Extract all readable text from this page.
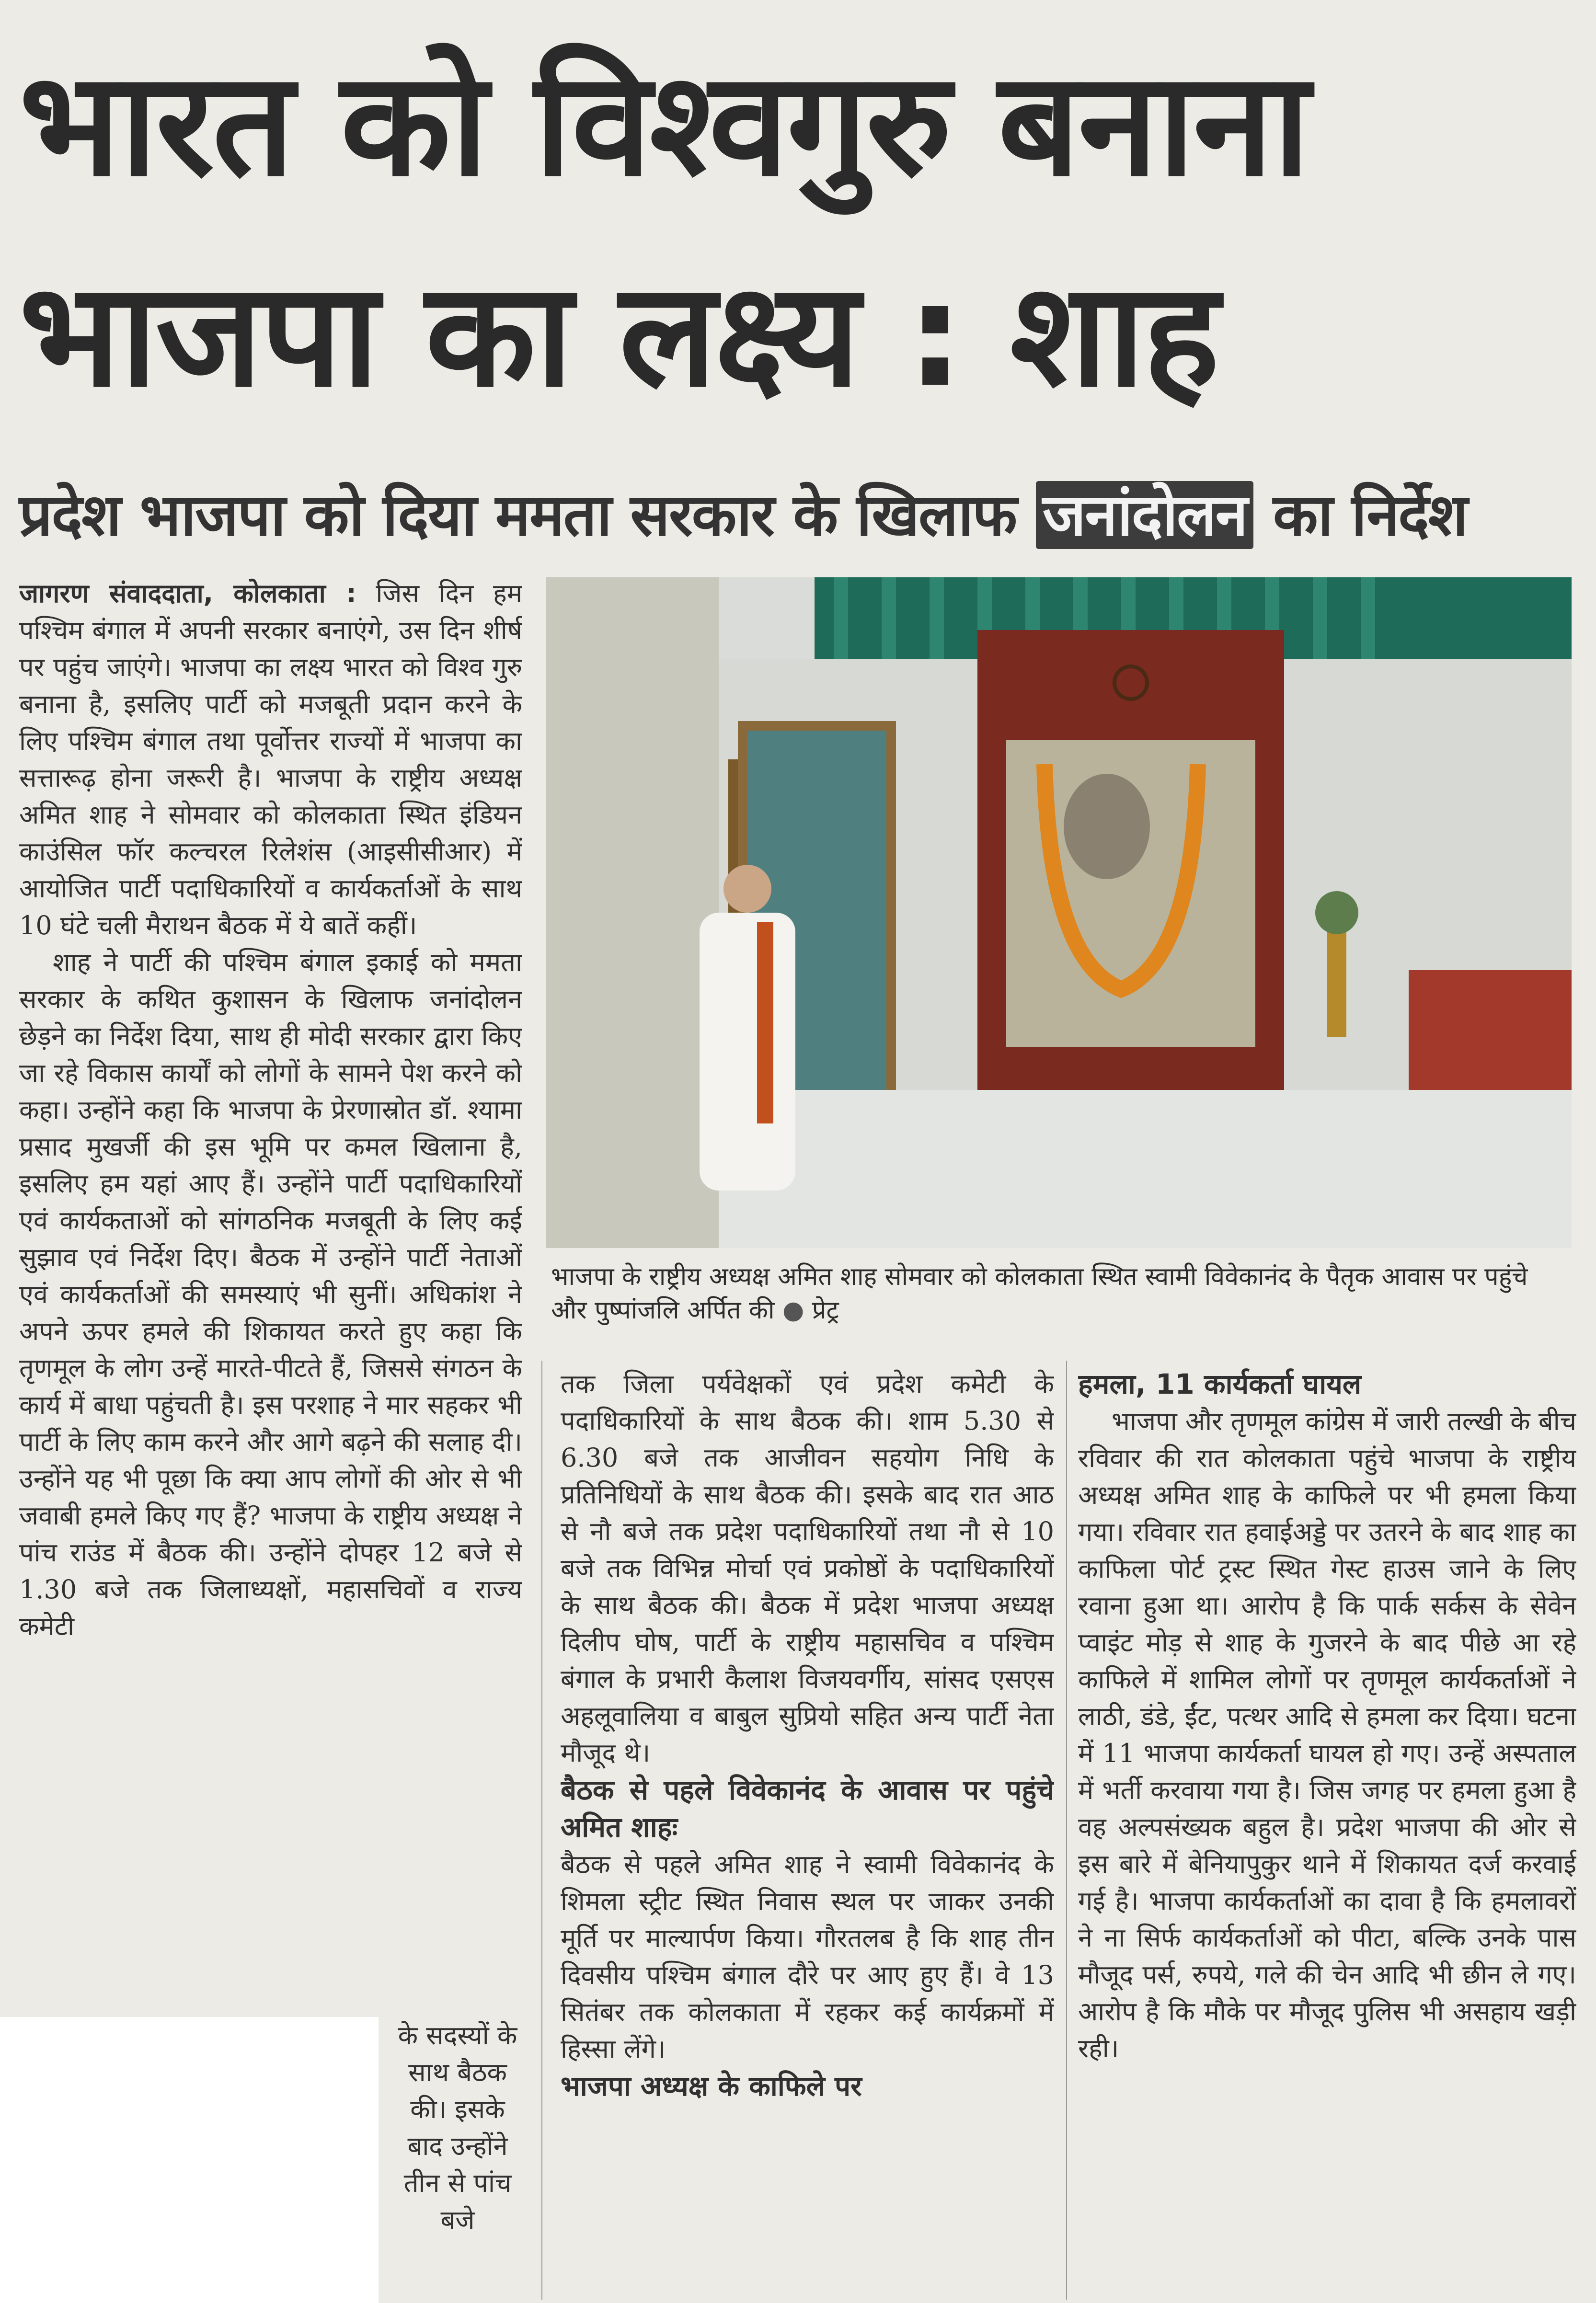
भारत को विश्वगुरु बनाना
भाजपा का लक्ष्य : शाह
प्रदेश भाजपा को दिया ममता सरकार के खिलाफ जनांदोलन का निर्देश

जागरण संवाददाता, कोलकाता : जिस दिन हम पश्चिम बंगाल में अपनी सरकार बनाएंगे, उस दिन शीर्ष पर पहुंच जाएंगे। भाजपा का लक्ष्य भारत को विश्व गुरु बनाना है, इसलिए पार्टी को मजबूती प्रदान करने के लिए पश्चिम बंगाल तथा पूर्वोत्तर राज्यों में भाजपा का सत्तारूढ़ होना जरूरी है। भाजपा के राष्ट्रीय अध्यक्ष अमित शाह ने सोमवार को कोलकाता स्थित इंडियन काउंसिल फॉर कल्चरल रिलेशंस (आइसीसीआर) में आयोजित पार्टी पदाधिकारियों व कार्यकर्ताओं के साथ 10 घंटे चली मैराथन बैठक में ये बातें कहीं।

शाह ने पार्टी की पश्चिम बंगाल इकाई को ममता सरकार के कथित कुशासन के खिलाफ जनांदोलन छेड़ने का निर्देश दिया, साथ ही मोदी सरकार द्वारा किए जा रहे विकास कार्यों को लोगों के सामने पेश करने को कहा। उन्होंने कहा कि भाजपा के प्रेरणास्रोत डॉ. श्यामा प्रसाद मुखर्जी की इस भूमि पर कमल खिलाना है, इसलिए हम यहां आए हैं। उन्होंने पार्टी पदाधिकारियों एवं कार्यकताओं को सांगठनिक मजबूती के लिए कई सुझाव एवं निर्देश दिए। बैठक में उन्होंने पार्टी नेताओं एवं कार्यकर्ताओं की समस्याएं भी सुनीं। अधिकांश ने अपने ऊपर हमले की शिकायत करते हुए कहा कि तृणमूल के लोग उन्हें मारते-पीटते हैं, जिससे संगठन के कार्य में बाधा पहुंचती है। इस परशाह ने मार सहकर भी पार्टी के लिए काम करने और आगे बढ़ने की सलाह दी। उन्होंने यह भी पूछा कि क्या आप लोगों की ओर से भी जवाबी हमले किए गए हैं? भाजपा के राष्ट्रीय अध्यक्ष ने पांच राउंड में बैठक की। उन्होंने दोपहर 12 बजे से 1.30 बजे तक जिलाध्यक्षों, महासचिवों व राज्य कमेटी

के सदस्यों के साथ बैठक की। इसके बाद उन्होंने तीन से पांच बजे

भाजपा के राष्ट्रीय अध्यक्ष अमित शाह सोमवार को कोलकाता स्थित स्वामी विवेकानंद के पैतृक आवास पर पहुंचे और पुष्पांजलि अर्पित की ● प्रेट्र

तक जिला पर्यवेक्षकों एवं प्रदेश कमेटी के पदाधिकारियों के साथ बैठक की। शाम 5.30 से 6.30 बजे तक आजीवन सहयोग निधि के प्रतिनिधियों के साथ बैठक की। इसके बाद रात आठ से नौ बजे तक प्रदेश पदाधिकारियों तथा नौ से 10 बजे तक विभिन्न मोर्चा एवं प्रकोष्ठों के पदाधिकारियों के साथ बैठक की। बैठक में प्रदेश भाजपा अध्यक्ष दिलीप घोष, पार्टी के राष्ट्रीय महासचिव व पश्चिम बंगाल के प्रभारी कैलाश विजयवर्गीय, सांसद एसएस अहलूवालिया व बाबुल सुप्रियो सहित अन्य पार्टी नेता मौजूद थे।

बैठक से पहले विवेकानंद के आवास पर पहुंचे अमित शाहः

बैठक से पहले अमित शाह ने स्वामी विवेकानंद के शिमला स्ट्रीट स्थित निवास स्थल पर जाकर उनकी मूर्ति पर माल्यार्पण किया। गौरतलब है कि शाह तीन दिवसीय पश्चिम बंगाल दौरे पर आए हुए हैं। वे 13 सितंबर तक कोलकाता में रहकर कई कार्यक्रमों में हिस्सा लेंगे।

भाजपा अध्यक्ष के काफिले पर

हमला, 11 कार्यकर्ता घायल

भाजपा और तृणमूल कांग्रेस में जारी तल्खी के बीच रविवार की रात कोलकाता पहुंचे भाजपा के राष्ट्रीय अध्यक्ष अमित शाह के काफिले पर भी हमला किया गया। रविवार रात हवाईअड्डे पर उतरने के बाद शाह का काफिला पोर्ट ट्रस्ट स्थित गेस्ट हाउस जाने के लिए रवाना हुआ था। आरोप है कि पार्क सर्कस के सेवेन प्वाइंट मोड़ से शाह के गुजरने के बाद पीछे आ रहे काफिले में शामिल लोगों पर तृणमूल कार्यकर्ताओं ने लाठी, डंडे, ईंट, पत्थर आदि से हमला कर दिया। घटना में 11 भाजपा कार्यकर्ता घायल हो गए। उन्हें अस्पताल में भर्ती करवाया गया है। जिस जगह पर हमला हुआ है वह अल्पसंख्यक बहुल है। प्रदेश भाजपा की ओर से इस बारे में बेनियापुकुर थाने में शिकायत दर्ज करवाई गई है। भाजपा कार्यकर्ताओं का दावा है कि हमलावरों ने ना सिर्फ कार्यकर्ताओं को पीटा, बल्कि उनके पास मौजूद पर्स, रुपये, गले की चेन आदि भी छीन ले गए। आरोप है कि मौके पर मौजूद पुलिस भी असहाय खड़ी रही।
